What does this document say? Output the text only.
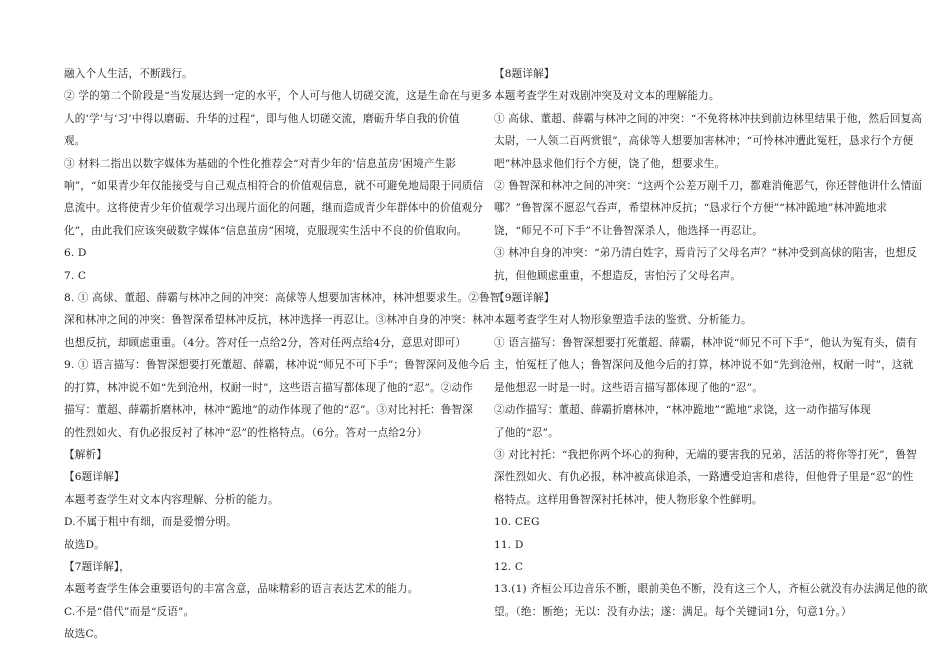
融入个人生活，不断践行。

② 学的第二个阶段是“当发展达到一定的水平，个人可与他人切磋交流，这是生命在与更多

人的‘学’与‘习’中得以磨砺、升华的过程”，即与他人切磋交流，磨砺升华自我的价值

观。

③ 材料二指出以数字媒体为基础的个性化推荐会“对青少年的‘信息茧房’困境产生影

响”，“如果青少年仅能接受与自己观点相符合的价值观信息，就不可避免地局限于同质信

息流中。这将使青少年价值观学习出现片面化的问题，继而造成青少年群体中的价值观分

化”，由此我们应该突破数字媒体“信息茧房”困境，克服现实生活中不良的价值取向。

6. D

7. C

8. ① 高俅、董超、薛霸与林冲之间的冲突：高俅等人想要加害林冲，林冲想要求生。②鲁智

深和林冲之间的冲突：鲁智深希望林冲反抗，林冲选择一再忍让。③林冲自身的冲突：林冲

也想反抗，却顾虑重重。（4分。答对任一点给2分，答对任两点给4分，意思对即可）

9. ① 语言描写：鲁智深想要打死董超、薛霸，林冲说“师兄不可下手”；鲁智深问及他今后

的打算，林冲说不如“先到沧州，权耐一时”，这些语言描写都体现了他的“忍”。②动作

描写：董超、薛霸折磨林冲，林冲“跪地”的动作体现了他的“忍”。③对比衬托：鲁智深

的性烈如火、有仇必报反衬了林冲“忍”的性格特点。（6分。答对一点给2分）

【解析】

【6题详解】

本题考查学生对文本内容理解、分析的能力。

D.不属于粗中有细，而是爱憎分明。

故选D。

【7题详解】，

本题考查学生体会重要语句的丰富含意，品味精彩的语言表达艺术的能力。

C.不是“借代”而是“反语”。

故选C。

【8题详解】

本题考查学生对戏剧冲突及对文本的理解能力。

① 高俅、董超、薛霸与林冲之间的冲突：“不免将林冲扶到前边林里结果于他，然后回复高

太尉，一人领二百两赏银”，高俅等人想要加害林冲；“可怜林冲遭此冤枉，恳求行个方便

吧”林冲恳求他们行个方便，饶了他，想要求生。

② 鲁智深和林冲之间的冲突：“这两个公差万剐千刀，都难消俺恶气，你还替他讲什么情面

哪？”鲁智深不愿忍气吞声，希望林冲反抗；“恳求行个方便”“林冲跪地”林冲跪地求

饶，“师兄不可下手”不让鲁智深杀人，他选择一再忍让。

③ 林冲自身的冲突：“弟乃清白姓字，焉肯污了父母名声？”林冲受到高俅的陷害，也想反

抗，但他顾虑重重，不想造反，害怕污了父母名声。

【9题详解】

本题考查学生对人物形象塑造手法的鉴赏、分析能力。

① 语言描写：鲁智深想要打死董超、薛霸，林冲说“师兄不可下手”，他认为冤有头，债有

主，怕冤枉了他人；鲁智深问及他今后的打算，林冲说不如“先到沧州，权耐一时”，这就

是他想忍一时是一时。这些语言描写都体现了他的“忍”。

②动作描写：董超、薛霸折磨林冲，“林冲跪地”“跪地”求饶，这一动作描写体现

了他的“忍”。

③ 对比衬托：“我把你两个坏心的狗种，无端的要害我的兄弟，活活的将你等打死”，鲁智

深性烈如火、有仇必报，林冲被高俅追杀，一路遭受迫害和虐待，但他骨子里是“忍”的性

格特点。这样用鲁智深衬托林冲，使人物形象个性鲜明。

10. CEG

11. D

12. C

13.(1) 齐桓公耳边音乐不断，眼前美色不断，没有这三个人，齐桓公就没有办法满足他的欲

望。（绝：断绝；无以：没有办法；遂：满足。每个关键词1分，句意1分。）
